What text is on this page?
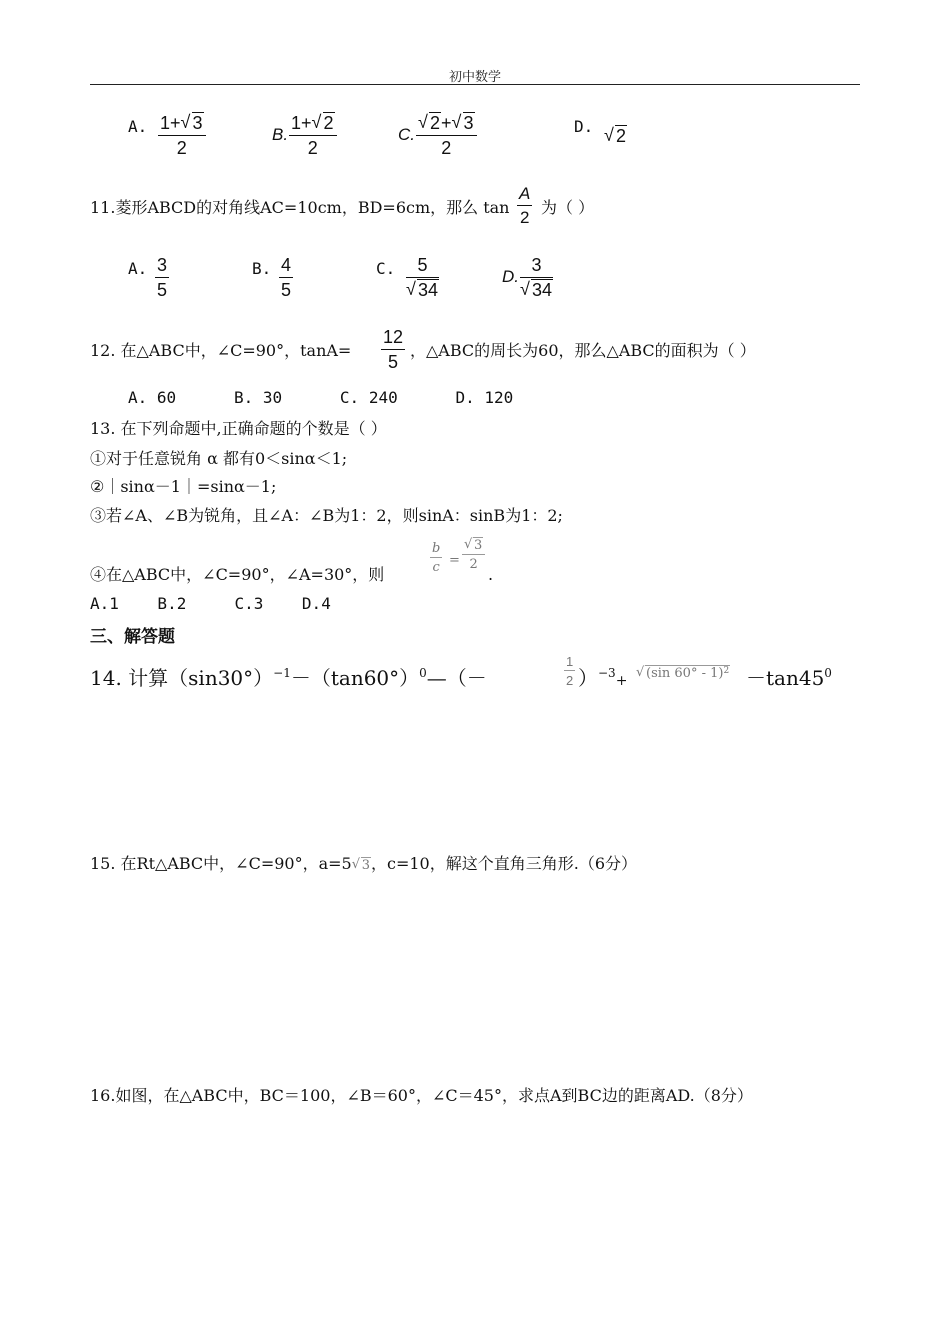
初中数学
A. 1+ √ 3
2
B.
1+ √ 2
2
C.
√ 2+ √ 3
2
D.	√ 2
11.菱形ABCD的对角线AC=10cm，BD=6cm，那么 tan
A
2
为（ ）
A. 3
5
B. 4
5
C.	5
√ 34
D.
3
√ 34
12. 在△ABC中，∠C=90°，tanA=
12
5
，△ABC的周长为60，那么△ABC的面积为（ ）
A. 60      B. 30      C. 240      D. 120
13. 在下列命题中,正确命题的个数是（ ）
①对于任意锐角 α 都有0＜sinα＜1;
②｜sinα－1｜=sinα－1;
③若∠A、∠B为锐角，且∠A：∠B为1：2，则sinA：sinB为1：2;
④在△ABC中，∠C=90°，∠A=30°，则
b
c =
√ 3
2
.
A.1    B.2     C.3    D.4
三、解答题
14. 计算$(\sin 30^\circ)^{-1}-(\tan 60^\circ)^0—(-$
1
2 ）$^{-3}$+	√ (sin $60^\circ - 1)^2 -\tan 45^0$
15. 在Rt△ABC中，∠C=90°，a=5 √ 3，c=10，解这个直角三角形.（6分）
16.如图，在△ABC中，BC＝100，∠B＝60°，∠C＝45°，求点A到BC边的距离AD.（8分）
